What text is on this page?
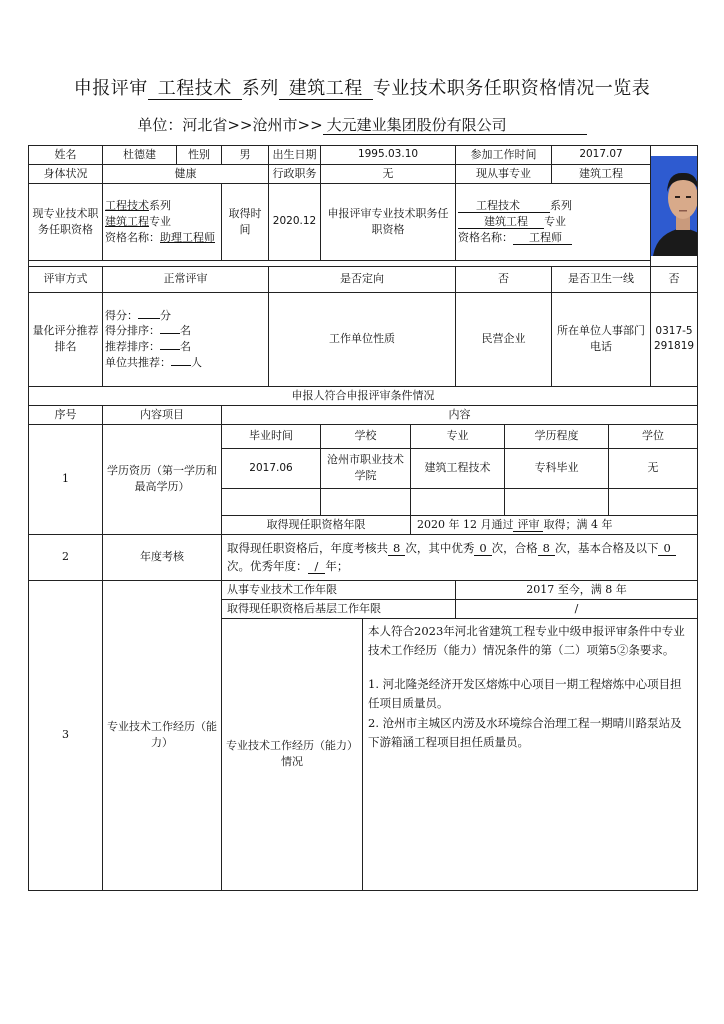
申报评审 工程技术 系列 建筑工程 专业技术职务任职资格情况一览表
单位：河北省>>沧州市>> 大元建业集团股份有限公司
姓名	杜德建	性别	男	出生日期	1995.03.10			参加工作时间		2017.07	

身体状况	健康			行政职务	无			现从事专业		建筑工程		
现专业技术职务任职资格	工程技术系列
建筑工程专业
资格名称：助理工程师		取得时间	2020.12	申报评审专业技术职务任职资格			工程技术 系列
建筑工程 专业
资格名称： 工程师				

评审方式	正常评审			是否定向				否		是否卫生一线		否
量化评分推荐排名	得分： 分
得分排序： 名
推荐排序： 名
单位共推荐： 人			工作单位性质				民营企业		所在单位人事部门电话		0317-5291819
申报人符合申报评审条件情况												
序号	内容项目		内容									
1	学历资历（第一学历和最高学历）		毕业时间		学校		专业		学历程度		学位	
			2017.06		沧州市职业技术学院		建筑工程技术		专科毕业		无	

			取得现任职资格年限				2020 年 12 月通过 评审 取得；满 4 年					
2	年度考核		取得现任职资格后，年度考核共 8 次，其中优秀 0 次，合格 8 次，基本合格及以下 0次。优秀年度： / 年；									
3	专业技术工作经历（能力）		从事专业技术工作年限					2017 至今，满 8 年				
			取得现任职资格后基层工作年限					/				
			专业技术工作经历（能力）情况			本人符合2023年河北省建筑工程专业中级申报评审条件中专业技术工作经历（能力）情况条件的第（二）项第5②条要求。
1. 河北隆尧经济开发区熔炼中心项目一期工程熔炼中心项目担任项目质量员。
2. 沧州市主城区内涝及水环境综合治理工程一期晴川路泵站及下游箱涵工程项目担任质量员。						
